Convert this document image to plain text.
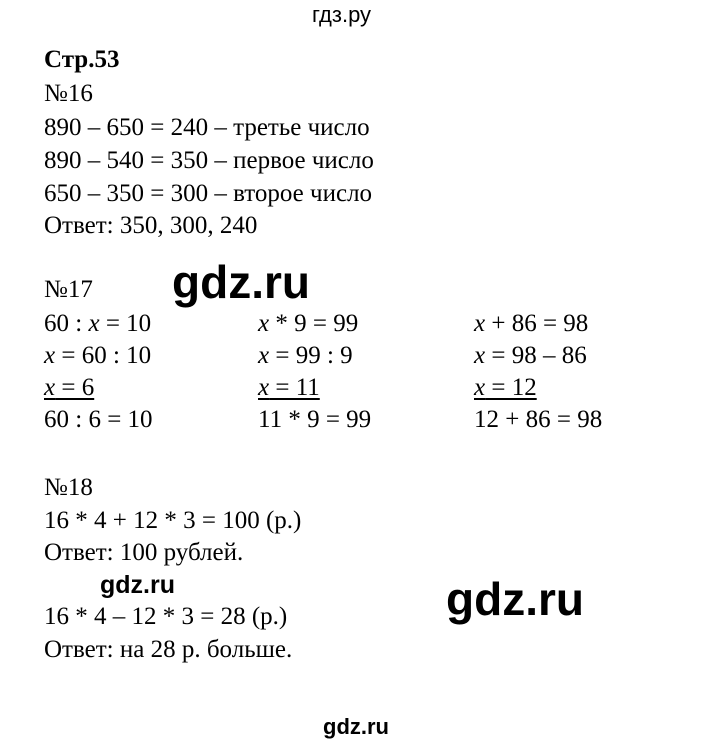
гдз.ру
Стр.53
№16
890 – 650 = 240 – третье число
890 – 540 = 350 – первое число
650 – 350 = 300 – второе число
Ответ: 350, 300, 240
№17 gdz.ru
60 : x = 10
x = 60 : 10
x = 6
60 : 6 = 10
x * 9 = 99
x = 99 : 9
x = 11
11 * 9 = 99
x + 86 = 98
x = 98 – 86
x = 12
12 + 86 = 98
№18
16 * 4 + 12 * 3 = 100 (р.)
Ответ: 100 рублей.
gdz.ru
16 * 4 – 12 * 3 = 28 (р.)
Ответ: на 28 р. больше.
gdz.ru
gdz.ru
